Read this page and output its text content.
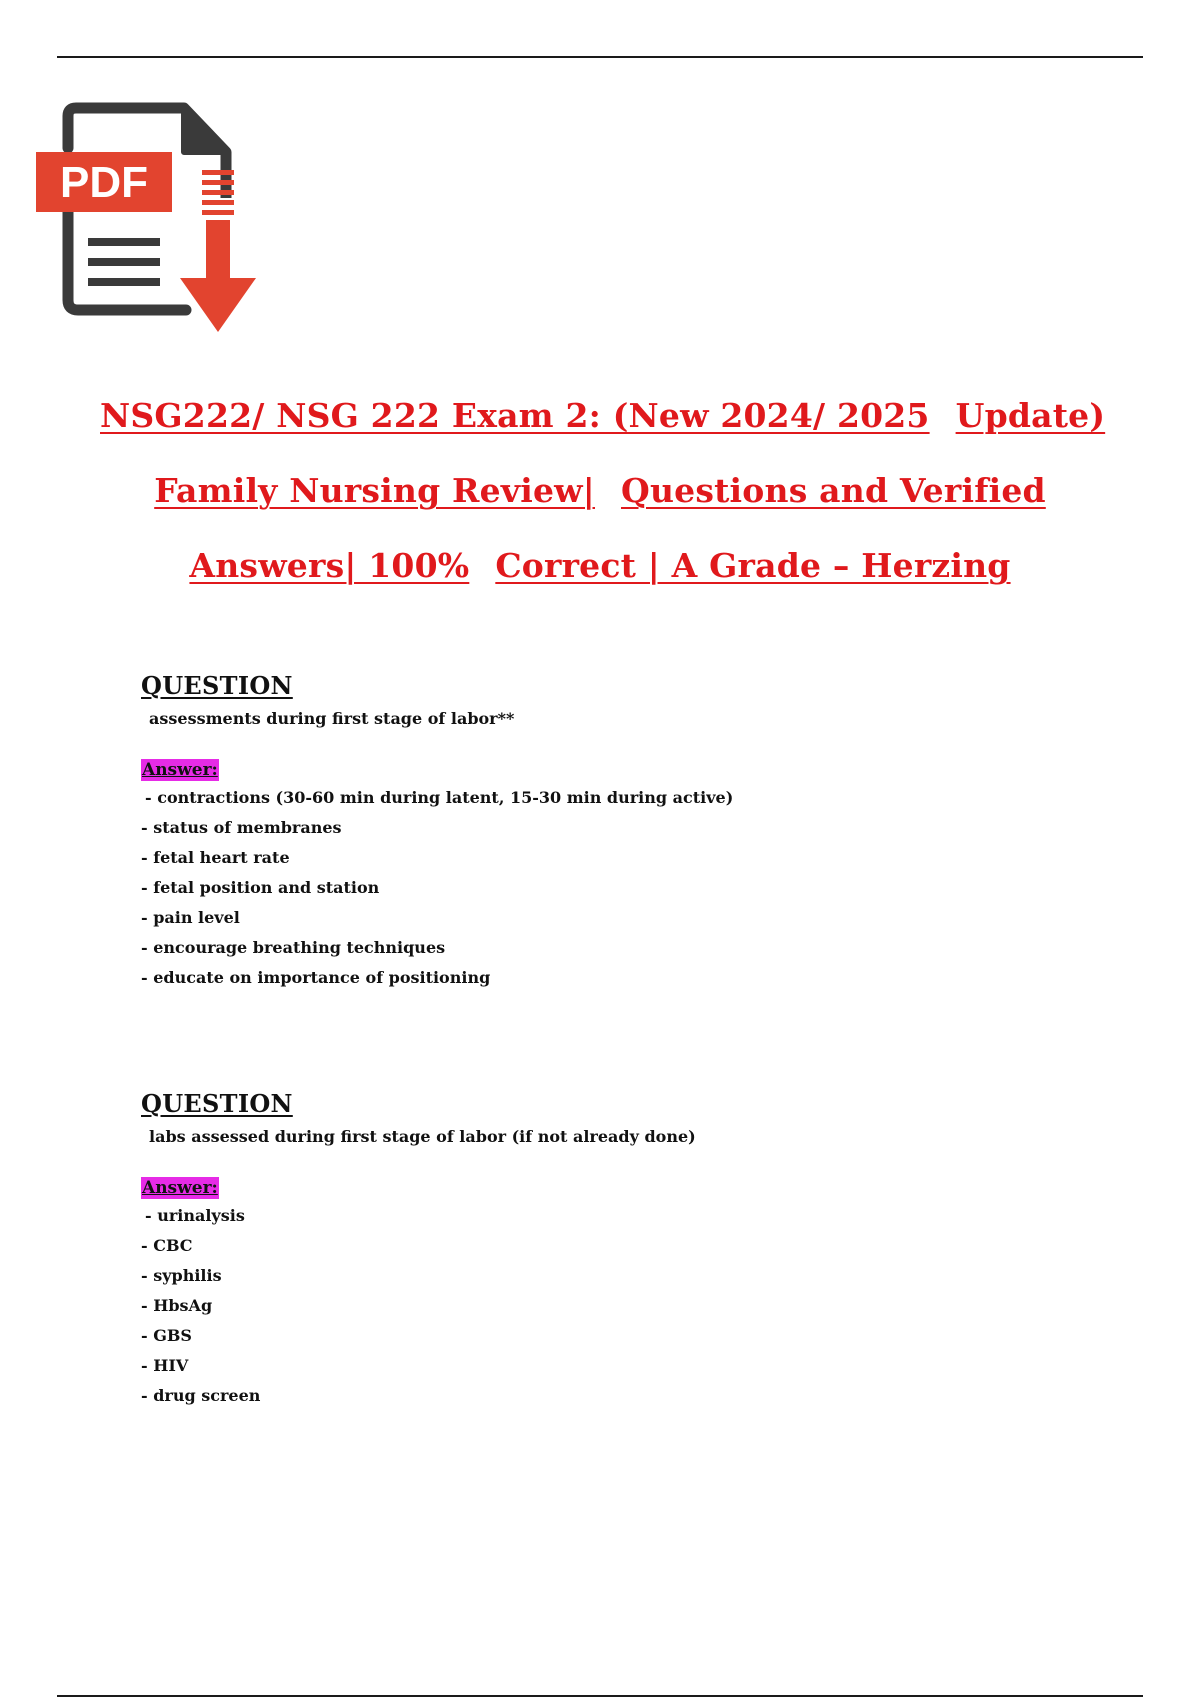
PDF
NSG222/ NSG 222 Exam 2: (New 2024/ 2025 Update)
Family Nursing Review| Questions and Verified
Answers| 100% Correct | A Grade – Herzing
QUESTION
assessments during first stage of labor**
Answer:
- contractions (30-60 min during latent, 15-30 min during active)
- status of membranes
- fetal heart rate
- fetal position and station
- pain level
- encourage breathing techniques
- educate on importance of positioning
QUESTION
labs assessed during first stage of labor (if not already done)
Answer:
- urinalysis
- CBC
- syphilis
- HbsAg
- GBS
- HIV
- drug screen
